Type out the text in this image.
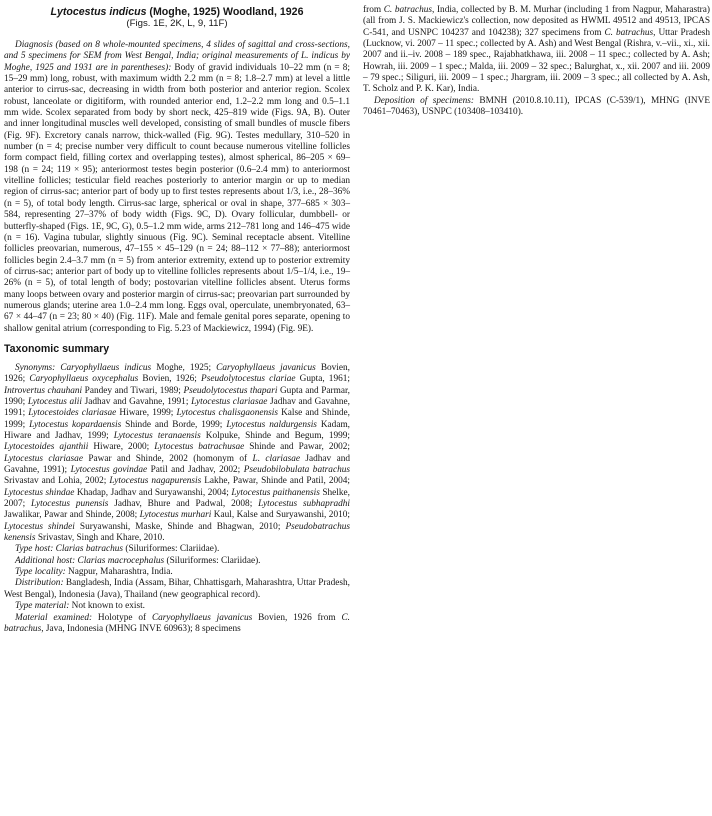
Lytocestus indicus (Moghe, 1925) Woodland, 1926
(Figs. 1E, 2K, L, 9, 11F)

Diagnosis (based on 8 whole-mounted specimens, 4 slides of sagittal and cross-sections, and 5 specimens for SEM from West Bengal, India; original measurements of L. indicus by Moghe, 1925 and 1931 are in parentheses): Body of gravid individuals 10–22 mm (n = 8; 15–29 mm) long, robust, with maximum width 2.2 mm (n = 8; 1.8–2.7 mm) at level a little anterior to cirrus-sac, decreasing in width from both posterior and anterior region. Scolex robust, lanceolate or digitiform, with rounded anterior end, 1.2–2.2 mm long and 0.5–1.1 mm wide. Scolex separated from body by short neck, 425–819 wide (Figs. 9A, B). Outer and inner longitudinal muscles well developed, consisting of small bundles of muscle fibers (Fig. 9F). Excretory canals narrow, thick-walled (Fig. 9G). Testes medullary, 310–520 in number (n = 4; precise number very difficult to count because numerous vitelline follicles form compact field, filling cortex and overlapping testes), almost spherical, 86–205 × 69–198 (n = 24; 119 × 95); anteriormost testes begin posterior (0.6–2.4 mm) to anteriormost vitelline follicles; testicular field reaches posteriorly to anterior margin or up to median region of cirrus-sac; anterior part of body up to first testes represents about 1/3, i.e., 28–36% (n = 5), of total body length. Cirrus-sac large, spherical or oval in shape, 377–685 × 303–584, representing 27–37% of body width (Figs. 9C, D). Ovary follicular, dumbbell- or butterfly-shaped (Figs. 1E, 9C, G), 0.5–1.2 mm wide, arms 212–781 long and 146–475 wide (n = 16). Vagina tubular, slightly sinuous (Fig. 9C). Seminal receptacle absent. Vitelline follicles preovarian, numerous, 47–155 × 45–129 (n = 24; 88–112 × 77–88); anteriormost follicles begin 2.4–3.7 mm (n = 5) from anterior extremity, extend up to posterior extremity of cirrus-sac; anterior part of body up to vitelline follicles represents about 1/5–1/4, i.e., 19–26% (n = 5), of total length of body; postovarian vitelline follicles absent. Uterus forms many loops between ovary and posterior margin of cirrus-sac; preovarian part surrounded by numerous glands; uterine area 1.0–2.4 mm long. Eggs oval, operculate, unembryonated, 63–67 × 44–47 (n = 23; 80 × 40) (Fig. 11F). Male and female genital pores separate, opening to shallow genital atrium (corresponding to Fig. 5.23 of Mackiewicz, 1994) (Fig. 9E).

Taxonomic summary

Synonyms: Caryophyllaeus indicus Moghe, 1925; Caryophyllaeus javanicus Bovien, 1926; Caryophyllaeus oxycephalus Bovien, 1926; Pseudolytocestus clariae Gupta, 1961; Introvertus chauhani Pandey and Tiwari, 1989; Pseudolytocestus thapari Gupta and Parmar, 1990; Lytocestus alii Jadhav and Gavahne, 1991; Lytocestus clariasae Jadhav and Gavahne, 1991; Lytocestoides clariasae Hiware, 1999; Lytocestus chalisgaonensis Kalse and Shinde, 1999; Lytocestus kopardaensis Shinde and Borde, 1999; Lytocestus naldurgensis Kadam, Hiware and Jadhav, 1999; Lytocestus teranaensis Kolpuke, Shinde and Begum, 1999; Lytocestoides ajanthii Hiware, 2000; Lytocestus batrachusae Shinde and Pawar, 2002; Lytocestus clariasae Pawar and Shinde, 2002 (homonym of L. clariasae Jadhav and Gavahne, 1991); Lytocestus govindae Patil and Jadhav, 2002; Pseudobilobulata batrachus Srivastav and Lohia, 2002; Lytocestus nagapurensis Lakhe, Pawar, Shinde and Patil, 2004; Lytocestus shindae Khadap, Jadhav and Suryawanshi, 2004; Lytocestus paithanensis Shelke, 2007; Lytocestus punensis Jadhav, Bhure and Padwal, 2008; Lytocestus subhapradhi Jawalikar, Pawar and Shinde, 2008; Lytocestus murhari Kaul, Kalse and Suryawanshi, 2010; Lytocestus shindei Suryawanshi, Maske, Shinde and Bhagwan, 2010; Pseudobatrachus kenensis Srivastav, Singh and Khare, 2010.

Type host: Clarias batrachus (Siluriformes: Clariidae).

Additional host: Clarias macrocephalus (Siluriformes: Clariidae).

Type locality: Nagpur, Maharashtra, India.

Distribution: Bangladesh, India (Assam, Bihar, Chhattisgarh, Maharashtra, Uttar Pradesh, West Bengal), Indonesia (Java), Thailand (new geographical record).

Type material: Not known to exist.

Material examined: Holotype of Caryophyllaeus javanicus Bovien, 1926 from C. batrachus, Java, Indonesia (MHNG INVE 60963); 8 specimens

from C. batrachus, India, collected by B. M. Murhar (including 1 from Nagpur, Maharastra) (all from J. S. Mackiewicz's collection, now deposited as HWML 49512 and 49513, IPCAS C-541, and USNPC 104237 and 104238); 327 specimens from C. batrachus, Uttar Pradesh (Lucknow, vi. 2007 – 11 spec.; collected by A. Ash) and West Bengal (Rishra, v.–vii., xi., xii. 2007 and ii.–iv. 2008 – 189 spec., Rajabhatkhawa, iii. 2008 – 11 spec.; collected by A. Ash; Howrah, iii. 2009 – 1 spec.; Malda, iii. 2009 – 32 spec.; Balurghat, x., xii. 2007 and iii. 2009 – 79 spec.; Siliguri, iii. 2009 – 1 spec.; Jhargram, iii. 2009 – 3 spec.; all collected by A. Ash, T. Scholz and P. K. Kar), India.

Deposition of specimens: BMNH (2010.8.10.11), IPCAS (C-539/1), MHNG (INVE 70461–70463), USNPC (103408–103410).
